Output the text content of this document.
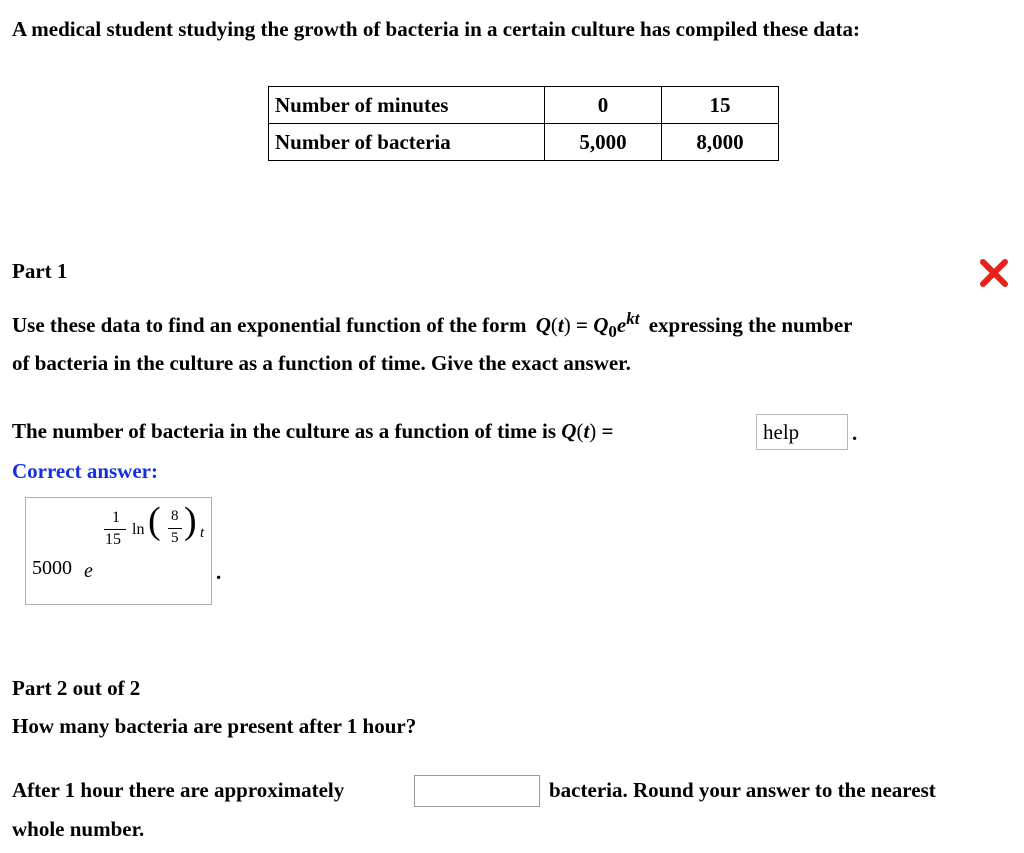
A medical student studying the growth of bacteria in a certain culture has compiled these data:
Number of minutes	0	15
Number of bacteria	5,000	8,000
Part 1
Use these data to find an exponential function of the form $Q(t) = Q_0e^{kt}$ expressing the number
of bacteria in the culture as a function of time. Give the exact answer.
The number of bacteria in the culture as a function of time is Q(t) =	help	.
Correct answer:
5000 e
1
15
ln ( 8
5 ) t
.
Part 2 out of 2
How many bacteria are present after 1 hour?
After 1 hour there are approximately	bacteria. Round your answer to the nearest
whole number.
